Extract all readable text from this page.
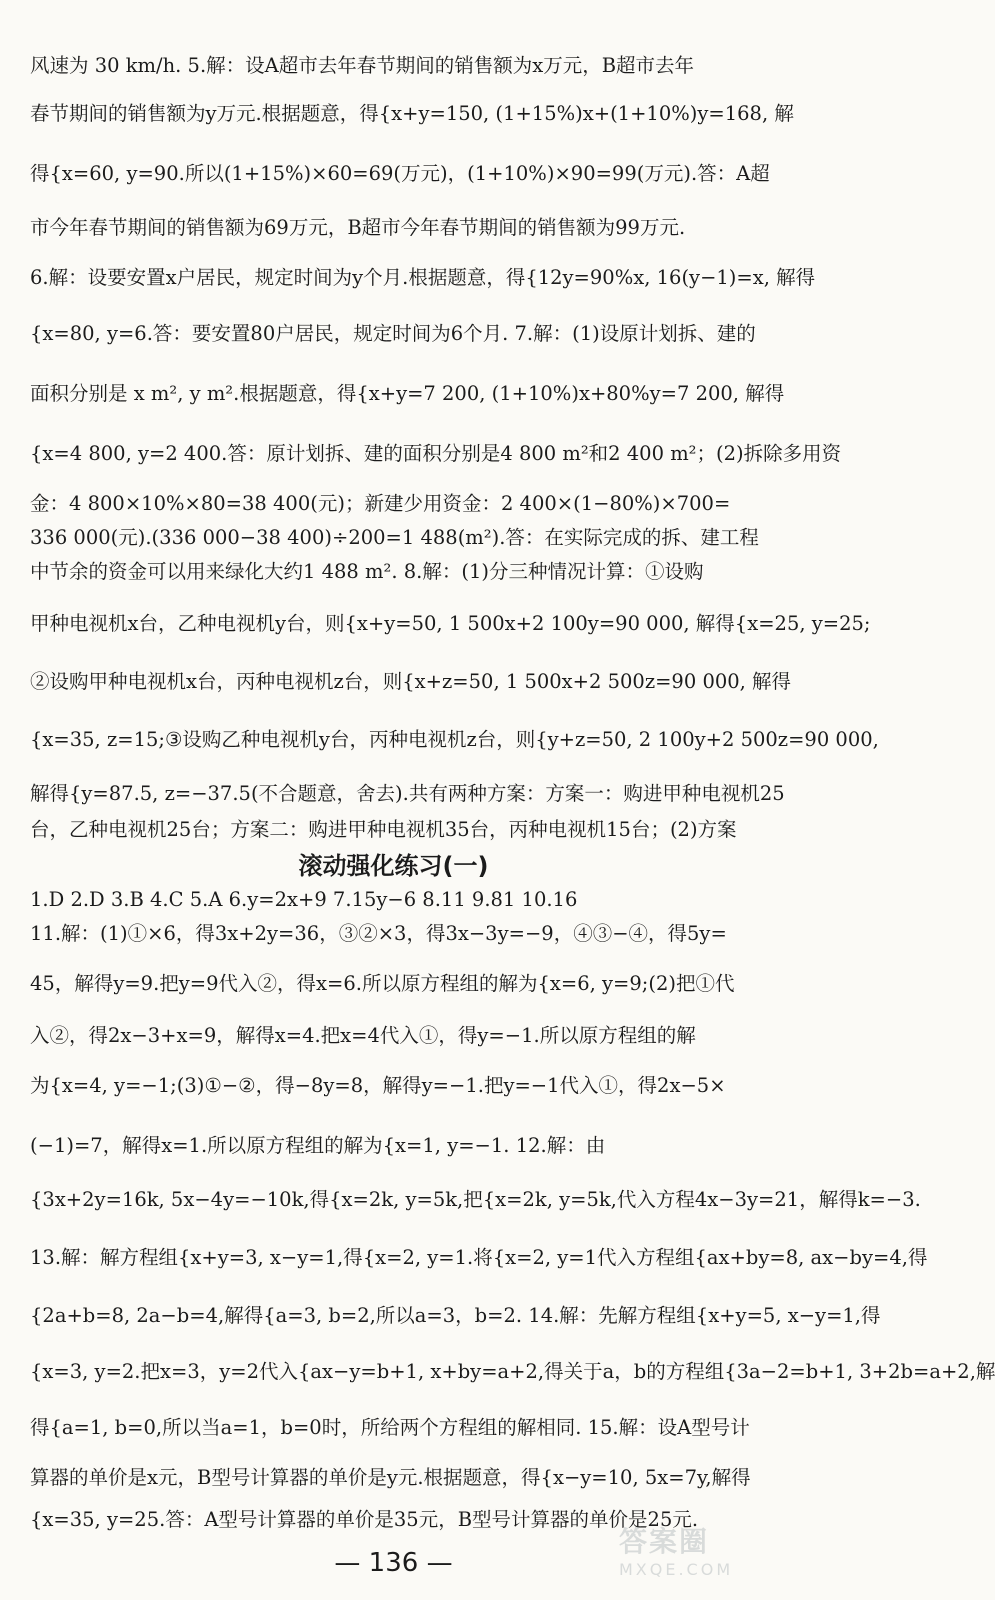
风速为 30 km/h. 5.解：设A超市去年春节期间的销售额为x万元，B超市去年
春节期间的销售额为y万元.根据题意，得{x+y=150, (1+15%)x+(1+10%)y=168, 解
得{x=60, y=90.所以(1+15%)×60=69(万元)，(1+10%)×90=99(万元).答：A超
市今年春节期间的销售额为69万元，B超市今年春节期间的销售额为99万元.
6.解：设要安置x户居民，规定时间为y个月.根据题意，得{12y=90%x, 16(y−1)=x, 解得
{x=80, y=6.答：要安置80户居民，规定时间为6个月. 7.解：(1)设原计划拆、建的
面积分别是 x m², y m².根据题意，得{x+y=7 200, (1+10%)x+80%y=7 200, 解得
{x=4 800, y=2 400.答：原计划拆、建的面积分别是4 800 m²和2 400 m²；(2)拆除多用资
金：4 800×10%×80=38 400(元)；新建少用资金：2 400×(1−80%)×700=
336 000(元).(336 000−38 400)÷200=1 488(m²).答：在实际完成的拆、建工程
中节余的资金可以用来绿化大约1 488 m². 8.解：(1)分三种情况计算：①设购
甲种电视机x台，乙种电视机y台，则{x+y=50, 1 500x+2 100y=90 000, 解得{x=25, y=25;
②设购甲种电视机x台，丙种电视机z台，则{x+z=50, 1 500x+2 500z=90 000, 解得
{x=35, z=15;③设购乙种电视机y台，丙种电视机z台，则{y+z=50, 2 100y+2 500z=90 000,
解得{y=87.5, z=−37.5(不合题意，舍去).共有两种方案：方案一：购进甲种电视机25
台，乙种电视机25台；方案二：购进甲种电视机35台，丙种电视机15台；(2)方案
滚动强化练习(一)
1.D 2.D 3.B 4.C 5.A 6.y=2x+9 7.15y−6 8.11 9.81 10.16
11.解：(1)①×6，得3x+2y=36，③②×3，得3x−3y=−9，④③−④，得5y=
45，解得y=9.把y=9代入②，得x=6.所以原方程组的解为{x=6, y=9;(2)把①代
入②，得2x−3+x=9，解得x=4.把x=4代入①，得y=−1.所以原方程组的解
为{x=4, y=−1;(3)①−②，得−8y=8，解得y=−1.把y=−1代入①，得2x−5×
(−1)=7，解得x=1.所以原方程组的解为{x=1, y=−1. 12.解：由
{3x+2y=16k, 5x−4y=−10k,得{x=2k, y=5k,把{x=2k, y=5k,代入方程4x−3y=21，解得k=−3.
13.解：解方程组{x+y=3, x−y=1,得{x=2, y=1.将{x=2, y=1代入方程组{ax+by=8, ax−by=4,得
{2a+b=8, 2a−b=4,解得{a=3, b=2,所以a=3，b=2. 14.解：先解方程组{x+y=5, x−y=1,得
{x=3, y=2.把x=3，y=2代入{ax−y=b+1, x+by=a+2,得关于a，b的方程组{3a−2=b+1, 3+2b=a+2,解
得{a=1, b=0,所以当a=1，b=0时，所给两个方程组的解相同. 15.解：设A型号计
算器的单价是x元，B型号计算器的单价是y元.根据题意，得{x−y=10, 5x=7y,解得
{x=35, y=25.答：A型号计算器的单价是35元，B型号计算器的单价是25元.
— 136 —
答案圈
MXQE.COM
